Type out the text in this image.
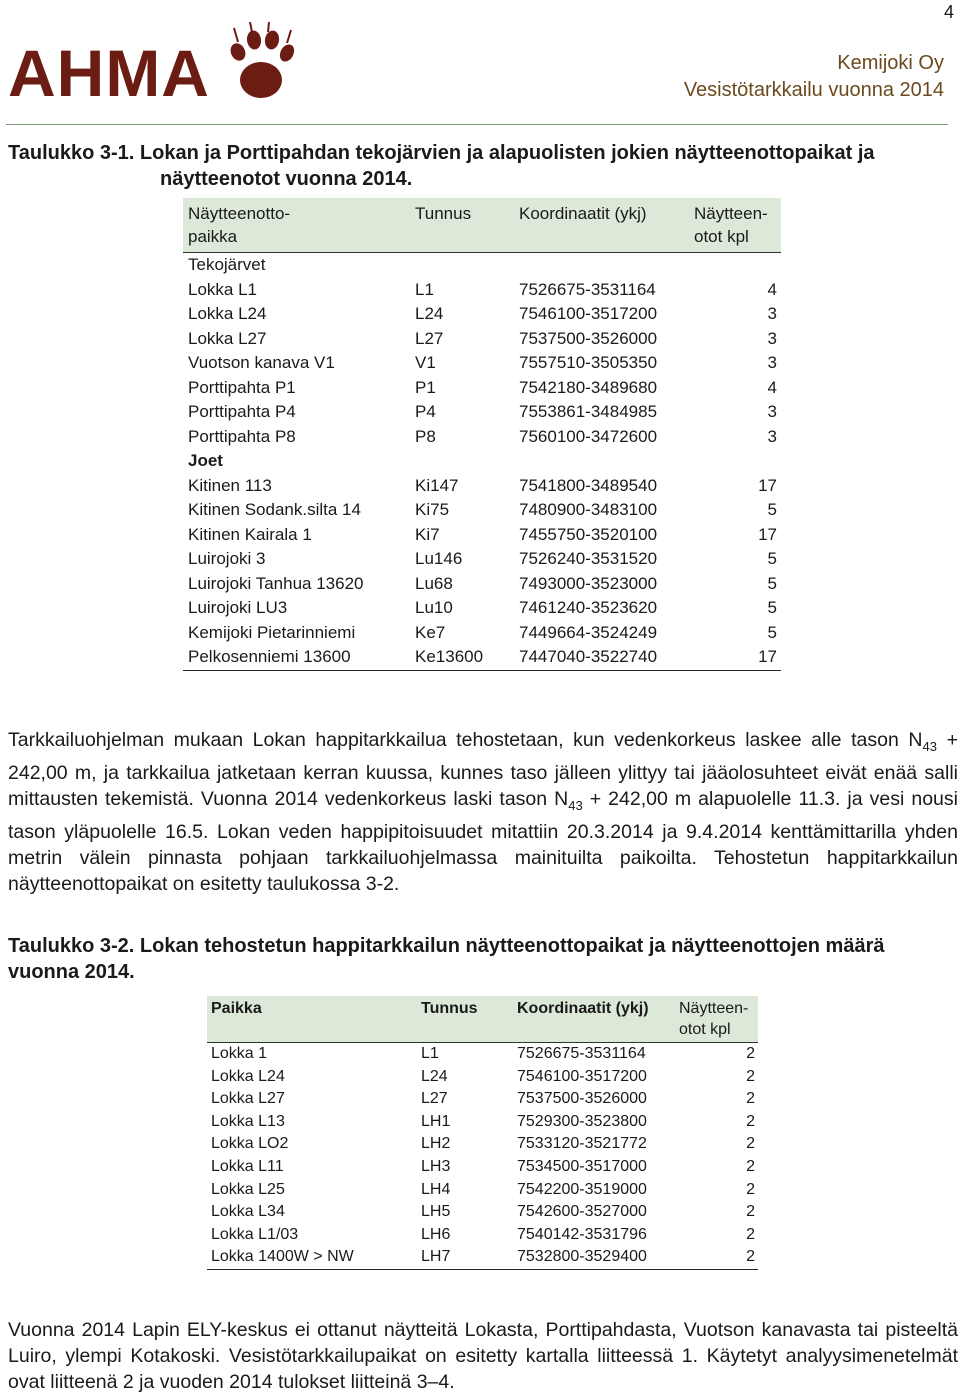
4
AHMA	Kemijoki Oy
Vesistötarkkailu vuonna 2014
Taulukko 3-1. Lokan ja Porttipahdan tekojärvien ja alapuolisten jokien näytteenottopaikat ja
näytteenotot vuonna 2014.
Näytteenotto-
paikka	Tunnus	Koordinaatit (ykj)	Näytteen-
otot kpl
Tekojärvet			
Lokka L1	L1	7526675-3531164	4
Lokka L24	L24	7546100-3517200	3
Lokka L27	L27	7537500-3526000	3
Vuotson kanava V1	V1	7557510-3505350	3
Porttipahta P1	P1	7542180-3489680	4
Porttipahta P4	P4	7553861-3484985	3
Porttipahta P8	P8	7560100-3472600	3
Joet			
Kitinen 113	Ki147	7541800-3489540	17
Kitinen Sodank.silta 14	Ki75	7480900-3483100	5
Kitinen Kairala 1	Ki7	7455750-3520100	17
Luirojoki 3	Lu146	7526240-3531520	5
Luirojoki Tanhua 13620	Lu68	7493000-3523000	5
Luirojoki LU3	Lu10	7461240-3523620	5
Kemijoki Pietarinniemi	Ke7	7449664-3524249	5
Pelkosenniemi 13600	Ke13600	7447040-3522740	17
Tarkkailuohjelman mukaan Lokan happitarkkailua tehostetaan, kun vedenkorkeus laskee alle tason $N_{43} + 242,00$ m, ja tarkkailua jatketaan kerran kuussa, kunnes taso jälleen ylittyy tai jääolosuhteet eivät enää salli mittausten tekemistä. Vuonna 2014 vedenkorkeus laski tason $N_{43} + 242,00$ m alapuolelle 11.3. ja vesi nousi tason yläpuolelle 16.5. Lokan veden happipitoisuudet mitattiin 20.3.2014 ja 9.4.2014 kenttämittarilla yhden metrin välein pinnasta pohjaan tarkkailuohjelmassa mainituilta paikoilta. Tehostetun happitarkkailun näytteenottopaikat on esitetty taulukossa 3-2.
Taulukko 3-2. Lokan tehostetun happitarkkailun näytteenottopaikat ja näytteenottojen määrä
vuonna 2014.
Paikka	Tunnus	Koordinaatit (ykj)	Näytteen-
otot kpl
Lokka 1	L1	7526675-3531164	2
Lokka L24	L24	7546100-3517200	2
Lokka L27	L27	7537500-3526000	2
Lokka L13	LH1	7529300-3523800	2
Lokka LO2	LH2	7533120-3521772	2
Lokka L11	LH3	7534500-3517000	2
Lokka L25	LH4	7542200-3519000	2
Lokka L34	LH5	7542600-3527000	2
Lokka L1/03	LH6	7540142-3531796	2
Lokka 1400W > NW	LH7	7532800-3529400	2
Vuonna 2014 Lapin ELY-keskus ei ottanut näytteitä Lokasta, Porttipahdasta, Vuotson kanavasta tai pisteeltä Luiro, ylempi Kotakoski. Vesistötarkkailupaikat on esitetty kartalla liitteessä 1. Käytetyt analyysimenetelmät ovat liitteenä 2 ja vuoden 2014 tulokset liitteinä 3–4.
